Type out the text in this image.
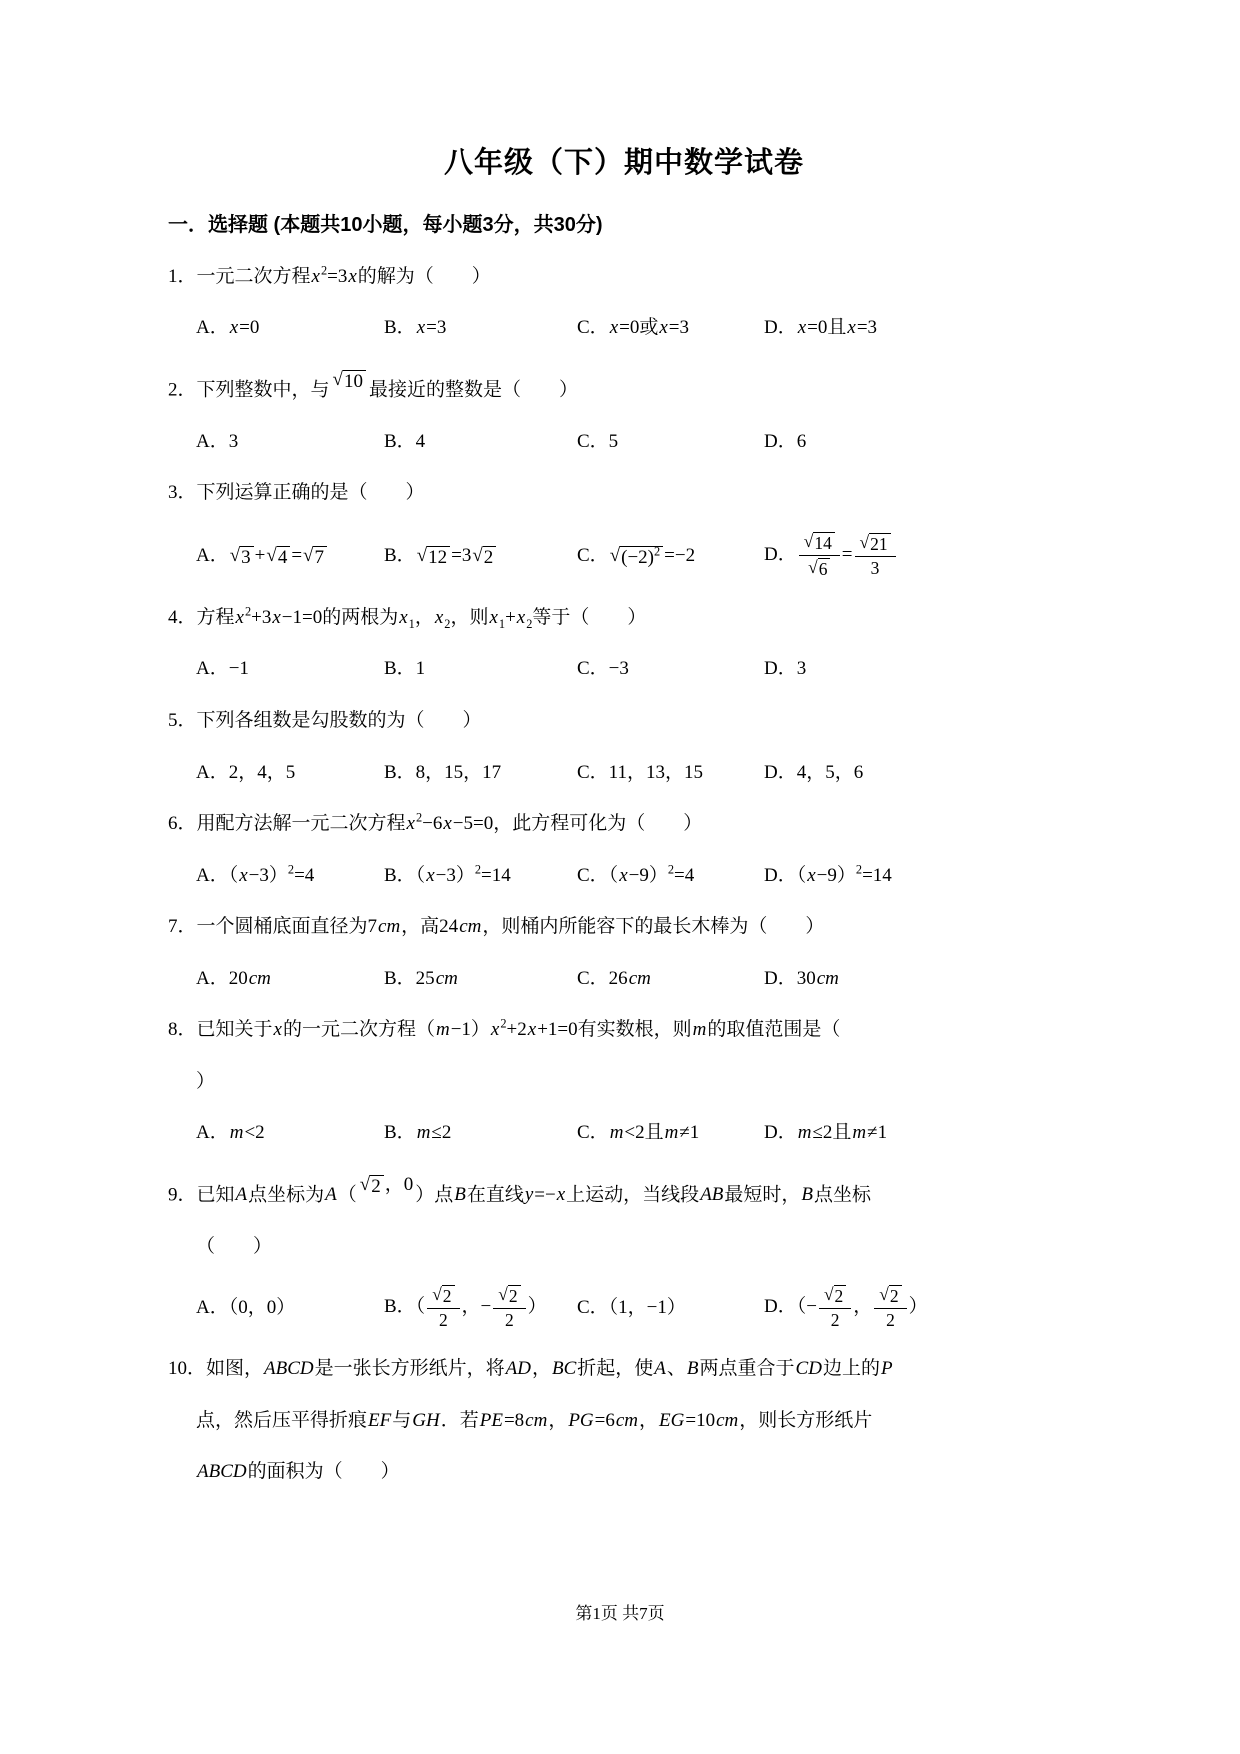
八年级（下）期中数学试卷
一．选择题 (本题共10小题，每小题3分，共30分)
1．一元二次方程$x^2=3x$的解为（　　）
A．x=0	B．x=3	C．x=0或x=3	D．x=0且x=3
2．下列整数中，与 √ 10 最接近的整数是（　　）
A．3	B．4	C．5	D．6
3．下列运算正确的是（　　）
A． √ 3 + √ 4 = √ 7	B． √ 12 =3 √ 2	C． √ $(-2)^2 =-2$	D． $\frac{√ 14}{√ 6} = \frac{√ 21}{3}$
4．方程$x^2+3x-1=0$的两根为$x_1$，$x_2$，则$x_1+x_2$等于（　　）
A．−1	B．1	C．−3	D．3
5．下列各组数是勾股数的为（　　）
A．2，4，5	B．8，15，17	C．11，13，15	D．4，5，6
6．用配方法解一元二次方程$x^2-6x-5=0$，此方程可化为（　　）
A．$(x-3)^2=4$	B．$(x-3)^2=14$	C．$(x-9)^2=4$	D．$(x-9)^2=14$
7．一个圆桶底面直径为7cm，高24cm，则桶内所能容下的最长木棒为（　　）
A．20cm	B．25cm	C．26cm	D．30cm
8．已知关于x的一元二次方程$(m-1)x^2+2x+1=0$有实数根，则m的取值范围是（
）
A．m<2	B．m≤2	C．m<2且m≠1	D．m≤2且m≠1
9．已知A点坐标为A（ √ 2 ，0 ）点B在直线y=−x上运动，当线段AB最短时，B点坐标
（　　）
A．（0，0）	B．（ $\frac{√ 2}{2}$ ，− $\frac{√ 2}{2}$ ）	C．（1，−1）	D．（− $\frac{√ 2}{2}$ ， $\frac{√ 2}{2}$ ）
10．如图，ABCD是一张长方形纸片，将AD，BC折起，使A、B两点重合于CD边上的P
点，然后压平得折痕EF与GH．若PE=8cm，PG=6cm，EG=10cm，则长方形纸片
ABCD的面积为（　　）
第1页 共7页
